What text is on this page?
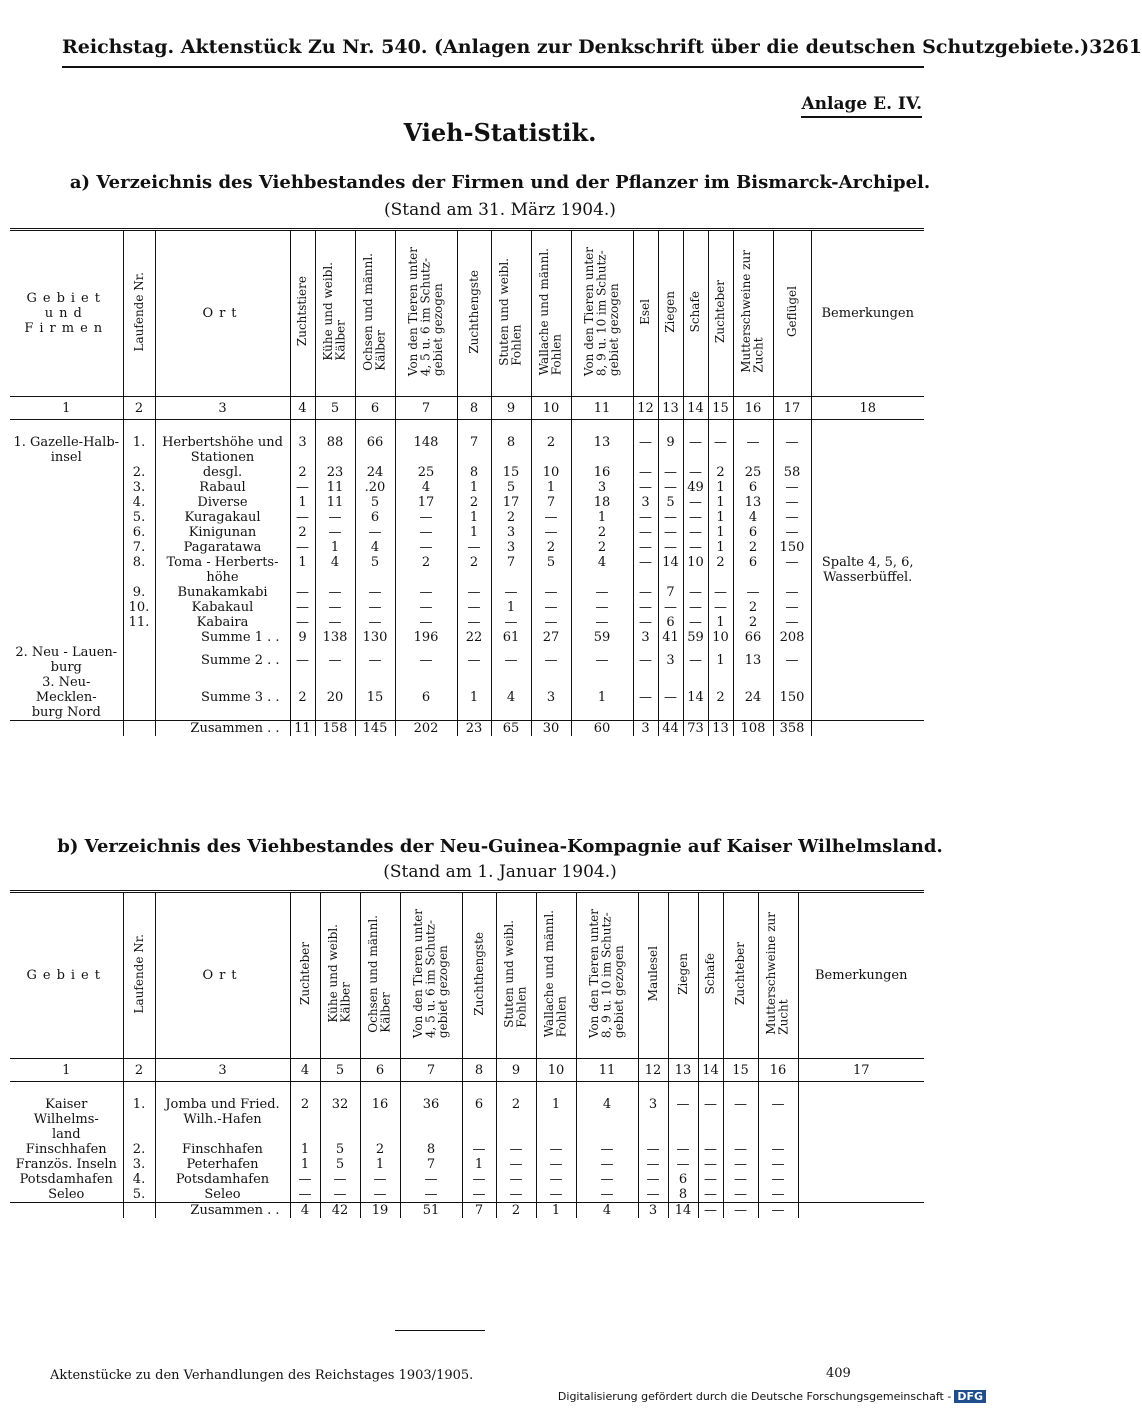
Reichstag. Aktenstück Zu Nr. 540. (Anlagen zur Denkschrift über die deutschen Schutzgebiete.) 3261
Anlage E. IV.
Vieh-Statistik.
a) Verzeichnis des Viehbestandes der Firmen und der Pflanzer im Bismarck-Archipel.
(Stand am 31. März 1904.)
Gebiet
und
Firmen	Laufende Nr.	Ort	Zuchtstiere	Kühe und weibl.
Kälber	Ochsen und männl.
Kälber	Von den Tieren unter
4, 5 u. 6 im Schutz-
gebiet gezogen	Zuchthengste	Stuten und weibl.
Fohlen	Wallache und männl.
Fohlen	Von den Tieren unter
8, 9 u. 10 im Schutz-
gebiet gezogen	Esel	Ziegen	Schafe	Zuchteber	Mutterschweine zur
Zucht	Geflügel	Bemerkungen
1	2	3	4	5	6	7	8	9	10	11	12	13	14	15	16	17	18

1. Gazelle-Halb-
insel	1.	Herbertshöhe und
Stationen	3	88	66	148	7	8	2	13	—	9	—	—	—	—	
	2.	desgl.	2	23	24	25	8	15	10	16	—	—	—	2	25	58	
	3.	Rabaul	—	11	.20	4	1	5	1	3	—	—	49	1	6	—	
	4.	Diverse	1	11	5	17	2	17	7	18	3	5	—	1	13	—	
	5.	Kuragakaul	—	—	6	—	1	2	—	1	—	—	—	1	4	—	
	6.	Kinigunan	2	—	—	—	1	3	—	2	—	—	—	1	6	—	
	7.	Pagaratawa	—	1	4	—	—	3	2	2	—	—	—	1	2	150	
	8.	Toma - Herberts-
höhe	1	4	5	2	2	7	5	4	—	14	10	2	6	—	Spalte 4, 5, 6,
Wasserbüffel.
	9.	Bunakamkabi	—	—	—	—	—	—	—	—	—	7	—	—	—	—	
	10.	Kabakaul	—	—	—	—	—	1	—	—	—	—	—	—	2	—	
	11.	Kabaira	—	—	—	—	—	—	—	—	—	6	—	1	2	—	
		Summe 1 . .	9	138	130	196	22	61	27	59	3	41	59	10	66	208	
2. Neu - Lauen-
burg		Summe 2 . .	—	—	—	—	—	—	—	—	—	3	—	1	13	—	
3. Neu-Mecklen-
burg Nord		Summe 3 . .	2	20	15	6	1	4	3	1	—	—	14	2	24	150	
		Zusammen . .	11	158	145	202	23	65	30	60	3	44	73	13	108	358	
b) Verzeichnis des Viehbestandes der Neu-Guinea-Kompagnie auf Kaiser Wilhelmsland.
(Stand am 1. Januar 1904.)
Gebiet	Laufende Nr.	Ort	Zuchteber	Kühe und weibl.
Kälber	Ochsen und männl.
Kälber	Von den Tieren unter
4, 5 u. 6 im Schutz-
gebiet gezogen	Zuchthengste	Stuten und weibl.
Fohlen	Wallache und männl.
Fohlen	Von den Tieren unter
8, 9 u. 10 im Schutz-
gebiet gezogen	Maulesel	Ziegen	Schafe	Zuchteber	Mutterschweine zur
Zucht	Bemerkungen
1	2	3	4	5	6	7	8	9	10	11	12	13	14	15	16	17

Kaiser Wilhelms-
land	1.	Jomba und Fried.
Wilh.-Hafen	2	32	16	36	6	2	1	4	3	—	—	—	—	
Finschhafen	2.	Finschhafen	1	5	2	8	—	—	—	—	—	—	—	—	—	
Französ. Inseln	3.	Peterhafen	1	5	1	7	1	—	—	—	—	—	—	—	—	
Potsdamhafen	4.	Potsdamhafen	—	—	—	—	—	—	—	—	—	6	—	—	—	
Seleo	5.	Seleo	—	—	—	—	—	—	—	—	—	8	—	—	—	
		Zusammen . .	4	42	19	51	7	2	1	4	3	14	—	—	—	
Aktenstücke zu den Verhandlungen des Reichstages 1903/1905.	409
Digitalisierung gefördert durch die Deutsche Forschungsgemeinschaft - DFG
